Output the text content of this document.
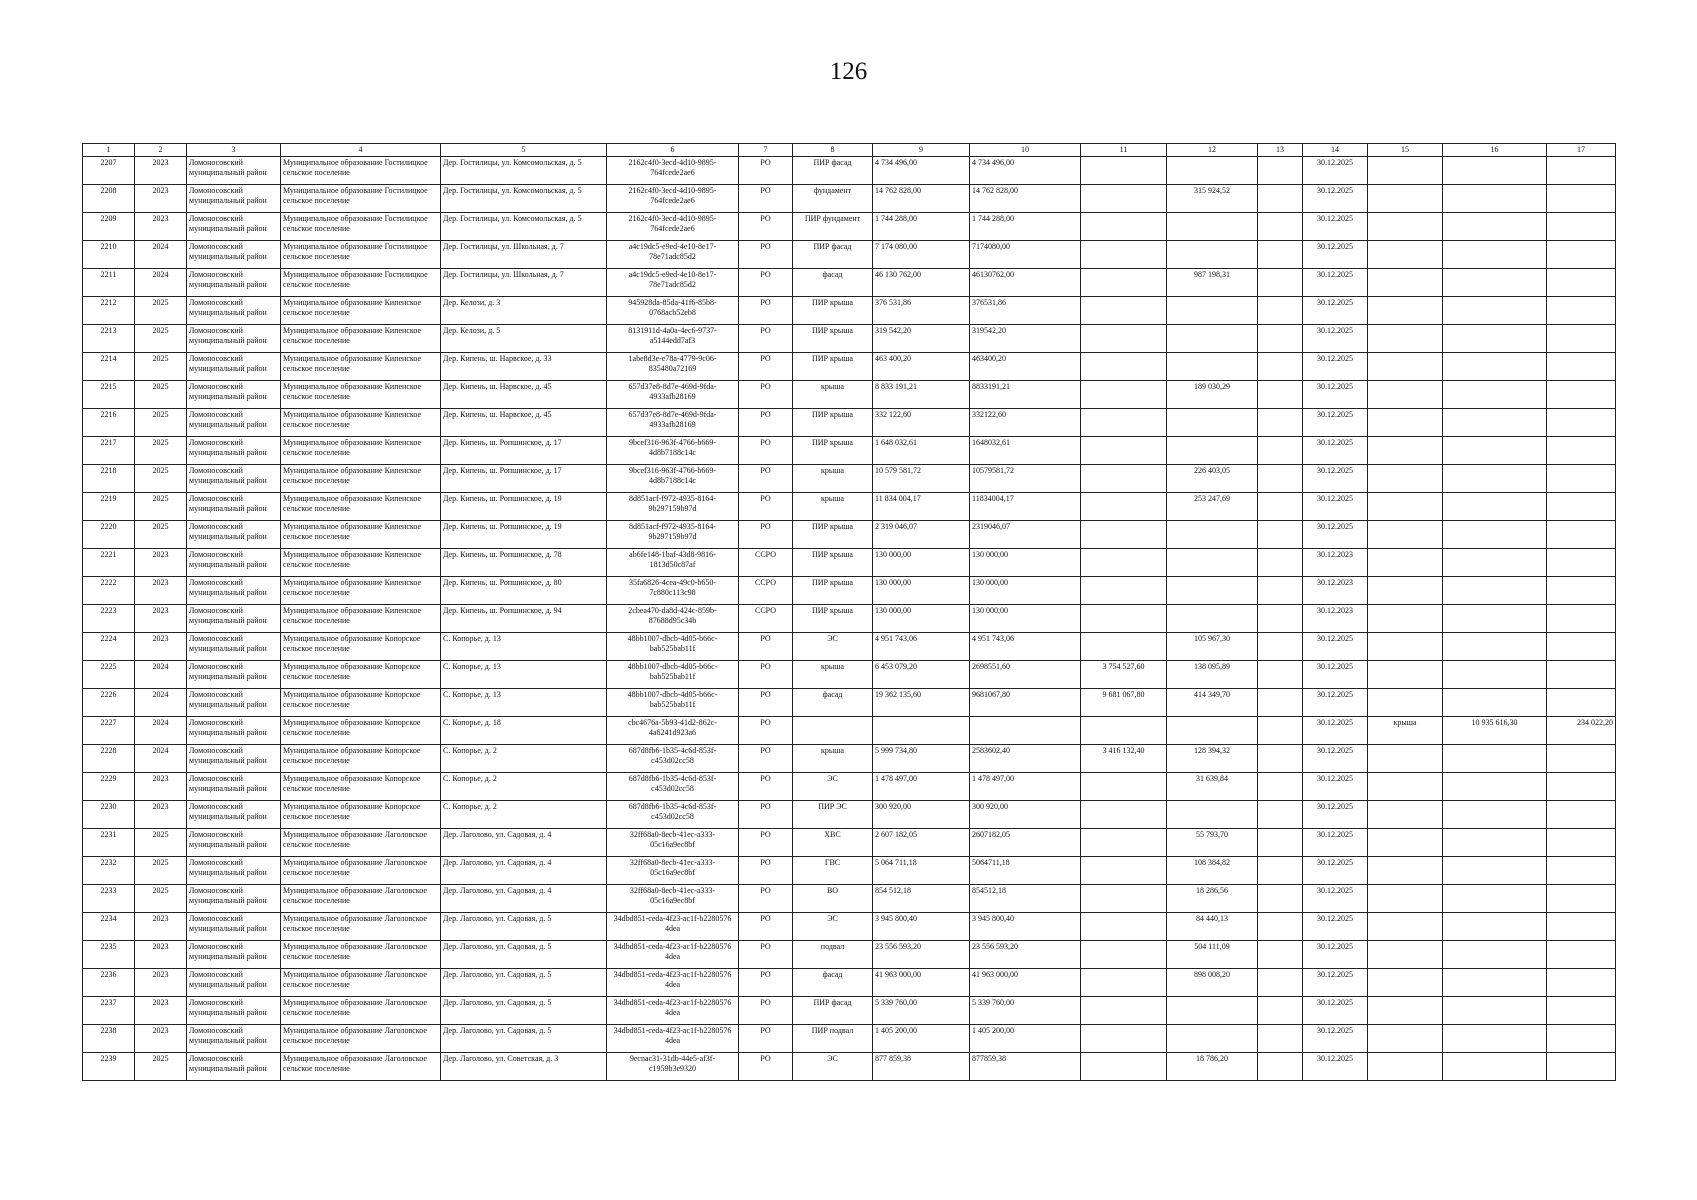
126
1	2	3	4	5	6	7	8	9	10	11	12	13	14	15	16	17
2207	2023	Ломоносовский муниципальный район	Муниципальное образование Гостилицкое сельское поселение	Дер. Гостилицы, ул. Комсомольская, д. 5	2162c4f0-3ecd-4d10-9895-764fcede2ae6	РО	ПИР фасад	4 734 496,00	4 734 496,00				30.12.2025			
2208	2023	Ломоносовский муниципальный район	Муниципальное образование Гостилицкое сельское поселение	Дер. Гостилицы, ул. Комсомольская, д. 5	2162c4f0-3ecd-4d10-9895-764fcede2ae6	РО	фундамент	14 762 828,00	14 762 828,00		315 924,52		30.12.2025			
2209	2023	Ломоносовский муниципальный район	Муниципальное образование Гостилицкое сельское поселение	Дер. Гостилицы, ул. Комсомольская, д. 5	2162c4f0-3ecd-4d10-9895-764fcede2ae6	РО	ПИР фундамент	1 744 288,00	1 744 288,00				30.12.2025			
2210	2024	Ломоносовский муниципальный район	Муниципальное образование Гостилицкое сельское поселение	Дер. Гостилицы, ул. Школьная, д. 7	a4c19dc5-e9ed-4e10-8e17-78e71adc85d2	РО	ПИР фасад	7 174 080,00	7174080,00				30.12.2025			
2211	2024	Ломоносовский муниципальный район	Муниципальное образование Гостилицкое сельское поселение	Дер. Гостилицы, ул. Школьная, д. 7	a4c19dc5-e9ed-4e10-8e17-78e71adc85d2	РО	фасад	46 130 762,00	46130762,00		987 198,31		30.12.2025			
2212	2025	Ломоносовский муниципальный район	Муниципальное образование Кипенское сельское поселение	Дер. Келози, д. 3	945928da-85da-41f6-85b8-0768acb52eb8	РО	ПИР крыша	376 531,86	376531,86				30.12.2025			
2213	2025	Ломоносовский муниципальный район	Муниципальное образование Кипенское сельское поселение	Дер. Келози, д. 5	8131911d-4a0a-4ec6-9737-a5144edd7af3	РО	ПИР крыша	319 542,20	319542,20				30.12.2025			
2214	2025	Ломоносовский муниципальный район	Муниципальное образование Кипенское сельское поселение	Дер. Кипень, ш. Нарвское, д. 33	1abe8d3e-e78a-4779-9c06-835480a72169	РО	ПИР крыша	463 400,20	463400,20				30.12.2025			
2215	2025	Ломоносовский муниципальный район	Муниципальное образование Кипенское сельское поселение	Дер. Кипень, ш. Нарвское, д. 45	657d37e8-8d7e-469d-9fda-4933afb28169	РО	крыша	8 833 191,21	8833191,21		189 030,29		30.12.2025			
2216	2025	Ломоносовский муниципальный район	Муниципальное образование Кипенское сельское поселение	Дер. Кипень, ш. Нарвское, д. 45	657d37e8-8d7e-469d-9fda-4933afb28169	РО	ПИР крыша	332 122,60	332122,60				30.12.2025			
2217	2025	Ломоносовский муниципальный район	Муниципальное образование Кипенское сельское поселение	Дер. Кипень, ш. Ропшинское, д. 17	9bcef316-963f-4766-b669-4d8b7188c14c	РО	ПИР крыша	1 648 032,61	1648032,61				30.12.2025			
2218	2025	Ломоносовский муниципальный район	Муниципальное образование Кипенское сельское поселение	Дер. Кипень, ш. Ропшинское, д. 17	9bcef316-963f-4766-b669-4d8b7188c14c	РО	крыша	10 579 581,72	10579581,72		226 403,05		30.12.2025			
2219	2025	Ломоносовский муниципальный район	Муниципальное образование Кипенское сельское поселение	Дер. Кипень, ш. Ропшинское, д. 19	8d851acf-f972-4935-8164-9b297159b97d	РО	крыша	11 834 004,17	11834004,17		253 247,69		30.12.2025			
2220	2025	Ломоносовский муниципальный район	Муниципальное образование Кипенское сельское поселение	Дер. Кипень, ш. Ропшинское, д. 19	8d851acf-f972-4935-8164-9b297159b97d	РО	ПИР крыша	2 319 046,07	2319046,07				30.12.2025			
2221	2023	Ломоносовский муниципальный район	Муниципальное образование Кипенское сельское поселение	Дер. Кипень, ш. Ропшинское, д. 78	ab6fe148-1baf-43d8-9816-1813d50c87af	ССРО	ПИР крыша	130 000,00	130 000,00				30.12.2023			
2222	2023	Ломоносовский муниципальный район	Муниципальное образование Кипенское сельское поселение	Дер. Кипень, ш. Ропшинское, д. 80	35fa6826-4cea-49c0-b650-7c880c113c98	ССРО	ПИР крыша	130 000,00	130 000,00				30.12.2023			
2223	2023	Ломоносовский муниципальный район	Муниципальное образование Кипенское сельское поселение	Дер. Кипень, ш. Ропшинское, д. 94	2cbea470-da8d-424c-859b-87688d95c34b	ССРО	ПИР крыша	130 000,00	130 000,00				30.12.2023			
2224	2023	Ломоносовский муниципальный район	Муниципальное образование Копорское сельское поселение	С. Копорье, д. 13	48bb1007-dbcb-4d05-b66c-bab525bab11f	РО	ЭС	4 951 743,06	4 951 743,06		105 967,30		30.12.2025			
2225	2024	Ломоносовский муниципальный район	Муниципальное образование Копорское сельское поселение	С. Копорье, д. 13	48bb1007-dbcb-4d05-b66c-bab525bab11f	РО	крыша	6 453 079,20	2698551,60	3 754 527,60	138 095,89		30.12.2025			
2226	2024	Ломоносовский муниципальный район	Муниципальное образование Копорское сельское поселение	С. Копорье, д. 13	48bb1007-dbcb-4d05-b66c-bab525bab11f	РО	фасад	19 362 135,60	9681067,80	9 681 067,80	414 349,70		30.12.2025			
2227	2024	Ломоносовский муниципальный район	Муниципальное образование Копорское сельское поселение	С. Копорье, д. 18	cbc4676a-5b93-41d2-862c-4a6241d923a6	РО							30.12.2025	крыша	10 935 616,30	234 022,20
2228	2024	Ломоносовский муниципальный район	Муниципальное образование Копорское сельское поселение	С. Копорье, д. 2	687d8fb6-1b35-4c6d-853f-c453d02cc58	РО	крыша	5 999 734,80	2583602,40	3 416 132,40	128 394,32		30.12.2025			
2229	2023	Ломоносовский муниципальный район	Муниципальное образование Копорское сельское поселение	С. Копорье, д. 2	687d8fb6-1b35-4c6d-853f-c453d02cc58	РО	ЭС	1 478 497,00	1 478 497,00		31 639,84		30.12.2025			
2230	2023	Ломоносовский муниципальный район	Муниципальное образование Копорское сельское поселение	С. Копорье, д. 2	687d8fb6-1b35-4c6d-853f-c453d02cc58	РО	ПИР ЭС	300 920,00	300 920,00				30.12.2025			
2231	2025	Ломоносовский муниципальный район	Муниципальное образование Лаголовское сельское поселение	Дер. Лаголово, ул. Садовая, д. 4	32ff68a0-8ecb-41ec-a333-05c16a9ec8bf	РО	ХВС	2 607 182,05	2607182,05		55 793,70		30.12.2025			
2232	2025	Ломоносовский муниципальный район	Муниципальное образование Лаголовское сельское поселение	Дер. Лаголово, ул. Садовая, д. 4	32ff68a0-8ecb-41ec-a333-05c16a9ec8bf	РО	ГВС	5 064 711,18	5064711,18		108 384,82		30.12.2025			
2233	2025	Ломоносовский муниципальный район	Муниципальное образование Лаголовское сельское поселение	Дер. Лаголово, ул. Садовая, д. 4	32ff68a0-8ecb-41ec-a333-05c16a9ec8bf	РО	ВО	854 512,18	854512,18		18 286,56		30.12.2025			
2234	2023	Ломоносовский муниципальный район	Муниципальное образование Лаголовское сельское поселение	Дер. Лаголово, ул. Садовая, д. 5	34dbd851-ceda-4f23-ac1f-b2280576 4dea	РО	ЭС	3 945 800,40	3 945 800,40		84 440,13		30.12.2025			
2235	2023	Ломоносовский муниципальный район	Муниципальное образование Лаголовское сельское поселение	Дер. Лаголово, ул. Садовая, д. 5	34dbd851-ceda-4f23-ac1f-b2280576 4dea	РО	подвал	23 556 593,20	23 556 593,20		504 111,09		30.12.2025			
2236	2023	Ломоносовский муниципальный район	Муниципальное образование Лаголовское сельское поселение	Дер. Лаголово, ул. Садовая, д. 5	34dbd851-ceda-4f23-ac1f-b2280576 4dea	РО	фасад	41 963 000,00	41 963 000,00		898 008,20		30.12.2025			
2237	2023	Ломоносовский муниципальный район	Муниципальное образование Лаголовское сельское поселение	Дер. Лаголово, ул. Садовая, д. 5	34dbd851-ceda-4f23-ac1f-b2280576 4dea	РО	ПИР фасад	5 339 760,00	5 339 760,00				30.12.2025			
2238	2023	Ломоносовский муниципальный район	Муниципальное образование Лаголовское сельское поселение	Дер. Лаголово, ул. Садовая, д. 5	34dbd851-ceda-4f23-ac1f-b2280576 4dea	РО	ПИР подвал	1 405 200,00	1 405 200,00				30.12.2025			
2239	2025	Ломоносовский муниципальный район	Муниципальное образование Лаголовское сельское поселение	Дер. Лаголово, ул. Советская, д. 3	9ecnac31-31db-44e5-af3f-c1959b3e9320	РО	ЭС	877 859,38	877859,38		18 786,20		30.12.2025			
